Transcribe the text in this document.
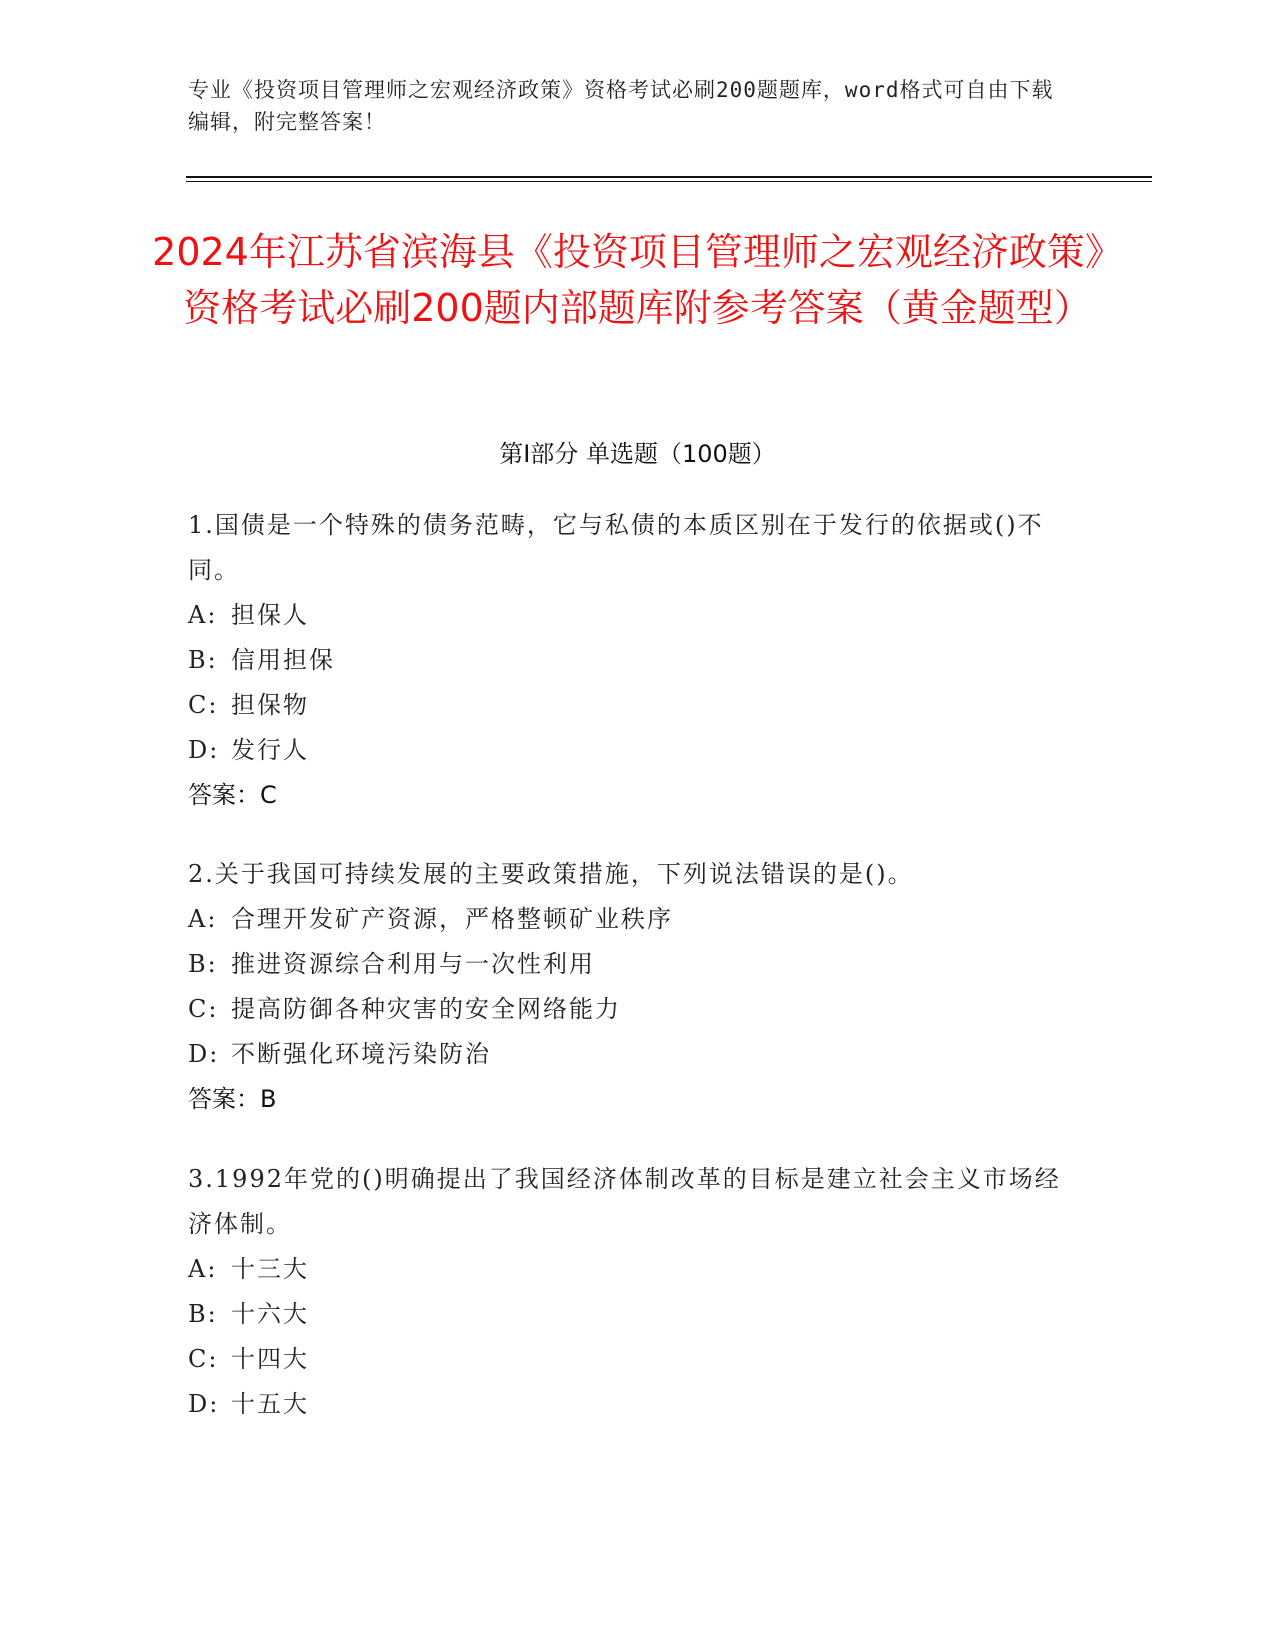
专业《投资项目管理师之宏观经济政策》资格考试必刷200题题库，word格式可自由下载编辑，附完整答案！
2024年江苏省滨海县《投资项目管理师之宏观经济政策》资格考试必刷200题内部题库附参考答案（黄金题型）
第I部分 单选题（100题）

1.国债是一个特殊的债务范畴，它与私债的本质区别在于发行的依据或()不同。

A: 担保人

B: 信用担保

C: 担保物

D: 发行人

答案：C

2.关于我国可持续发展的主要政策措施，下列说法错误的是()。

A: 合理开发矿产资源，严格整顿矿业秩序

B: 推进资源综合利用与一次性利用

C: 提高防御各种灾害的安全网络能力

D: 不断强化环境污染防治

答案：B

3.1992年党的()明确提出了我国经济体制改革的目标是建立社会主义市场经济体制。

A: 十三大

B: 十六大

C: 十四大

D: 十五大
